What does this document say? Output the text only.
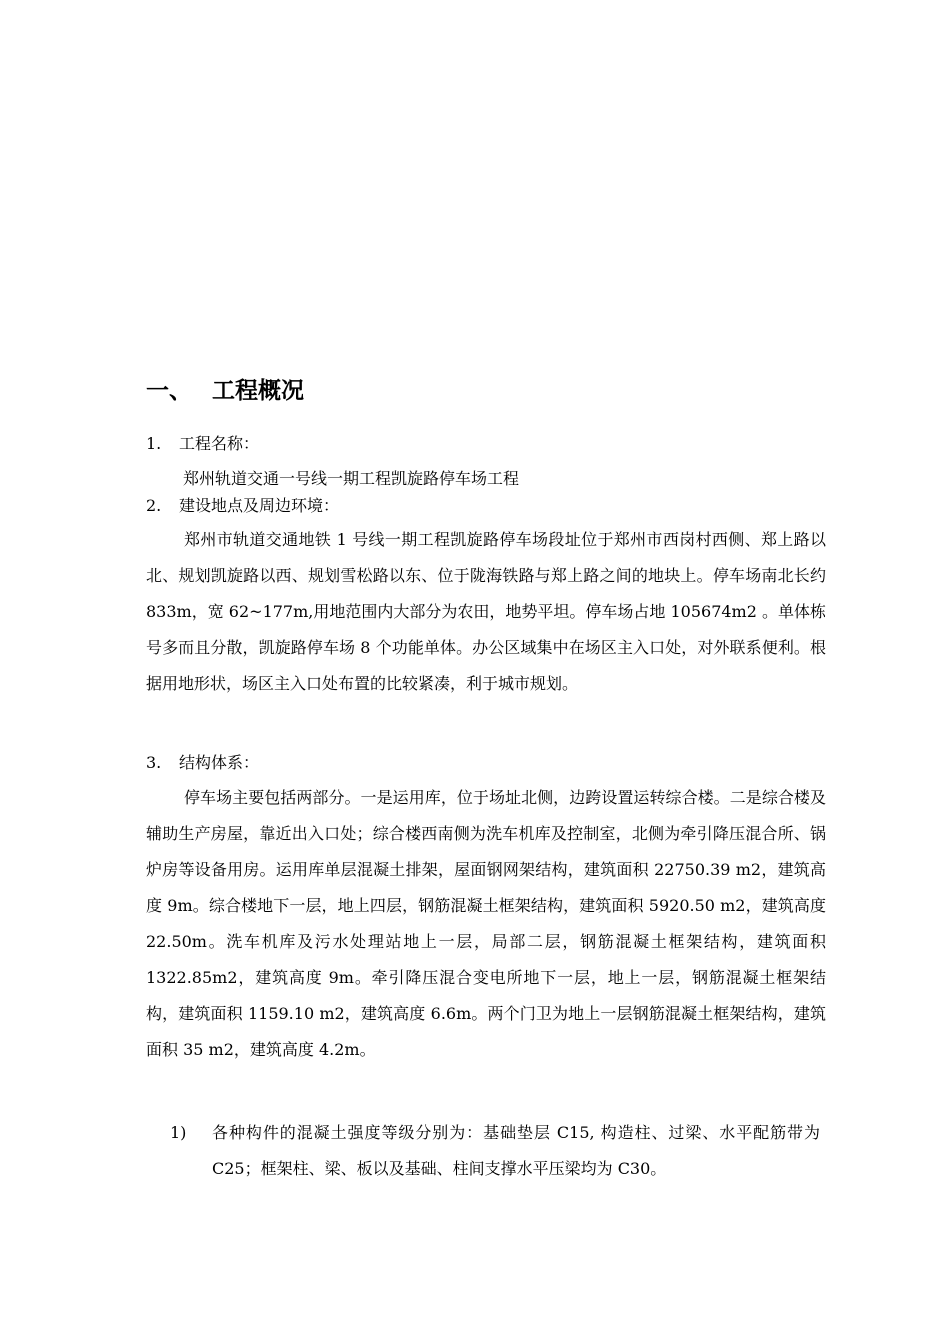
一、 工程概况
1. 工程名称：
郑州轨道交通一号线一期工程凯旋路停车场工程
2. 建设地点及周边环境：
郑州市轨道交通地铁 1 号线一期工程凯旋路停车场段址位于郑州市西岗村西侧、郑上路以北、规划凯旋路以西、规划雪松路以东、位于陇海铁路与郑上路之间的地块上。停车场南北长约 833m，宽 62~177m,用地范围内大部分为农田，地势平坦。停车场占地 105674m2 。单体栋号多而且分散，凯旋路停车场 8 个功能单体。办公区域集中在场区主入口处，对外联系便利。根据用地形状，场区主入口处布置的比较紧凑，利于城市规划。
3. 结构体系：
停车场主要包括两部分。一是运用库，位于场址北侧，边跨设置运转综合楼。二是综合楼及辅助生产房屋，靠近出入口处；综合楼西南侧为洗车机库及控制室，北侧为牵引降压混合所、锅炉房等设备用房。运用库单层混凝土排架，屋面钢网架结构，建筑面积 22750.39 m2，建筑高度 9m。综合楼地下一层，地上四层，钢筋混凝土框架结构，建筑面积 5920.50 m2，建筑高度 22.50m。洗车机库及污水处理站地上一层，局部二层，钢筋混凝土框架结构，建筑面积 1322.85m2，建筑高度 9m。牵引降压混合变电所地下一层，地上一层，钢筋混凝土框架结构，建筑面积 1159.10 m2，建筑高度 6.6m。两个门卫为地上一层钢筋混凝土框架结构，建筑面积 35 m2，建筑高度 4.2m。
1) 各种构件的混凝土强度等级分别为：基础垫层 C15, 构造柱、过梁、水平配筋带为 C25；框架柱、梁、板以及基础、柱间支撑水平压梁均为 C30。
